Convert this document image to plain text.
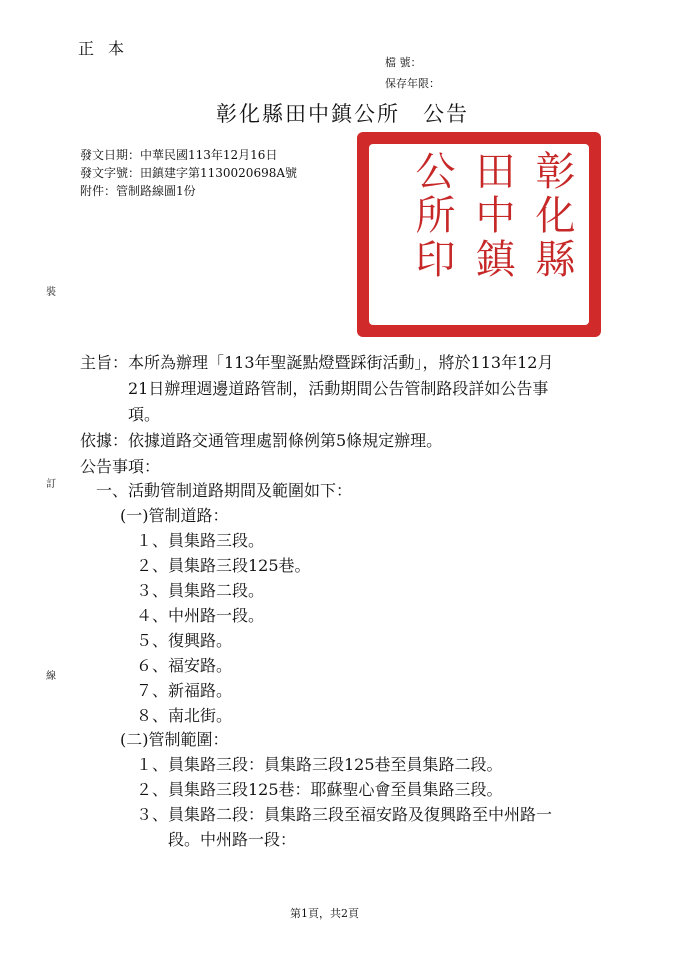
正本
檔 號：
保存年限：
彰化縣田中鎮公所　公告
發文日期：中華民國113年12月16日
發文字號：田鎮建字第1130020698A號
附件：管制路線圖1份	彰化縣
田中鎮
公所印
裝
訂
線
主旨：本所為辦理「113年聖誕點燈暨踩街活動」，將於113年12月
21日辦理週邊道路管制，活動期間公告管制路段詳如公告事
項。
依據：依據道路交通管理處罰條例第5條規定辦理。
公告事項：
一、活動管制道路期間及範圍如下：
(一)管制道路：
１、員集路三段。
２、員集路三段125巷。
３、員集路二段。
４、中州路一段。
５、復興路。
６、福安路。
７、新福路。
８、南北街。
(二)管制範圍：
１、員集路三段：員集路三段125巷至員集路二段。
２、員集路三段125巷：耶蘇聖心會至員集路三段。
３、員集路二段：員集路三段至福安路及復興路至中州路一
段。中州路一段：
第1頁，共2頁
